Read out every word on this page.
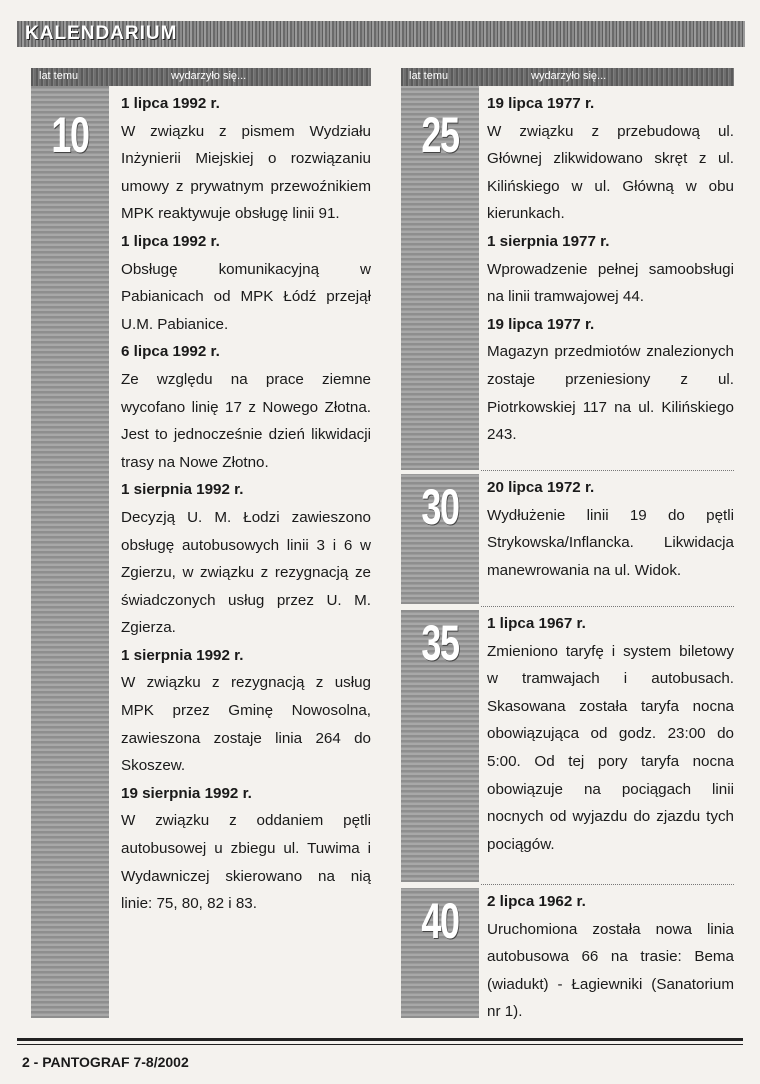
KALENDARIUM
lat temu	wydarzyło się...
10
1 lipca 1992 r.
W związku z pismem Wydziału Inżynierii Miejskiej o rozwiązaniu umowy z prywatnym przewoźnikiem MPK reaktywuje obsługę linii 91.
1 lipca 1992 r.
Obsługę komunikacyjną w Pabianicach od MPK Łódź przejął U.M. Pabianice.
6 lipca 1992 r.
Ze względu na prace ziemne wycofano linię 17 z Nowego Złotna. Jest to jednocześnie dzień likwidacji trasy na Nowe Złotno.
1 sierpnia 1992 r.
Decyzją U. M. Łodzi zawieszono obsługę autobusowych linii 3 i 6 w Zgierzu, w związku z rezygnacją ze świadczonych usług przez U. M. Zgierza.
1 sierpnia 1992 r.
W związku z rezygnacją z usług MPK przez Gminę Nowosolna, zawieszona zostaje linia 264 do Skoszew.
19 sierpnia 1992 r.
W związku z oddaniem pętli autobusowej u zbiegu ul. Tuwima i Wydawniczej skierowano na nią linie: 75, 80, 82 i 83.
lat temu	wydarzyło się...
25
19 lipca 1977 r.
W związku z przebudową ul. Głównej zlikwidowano skręt z ul. Kilińskiego w ul. Główną w obu kierunkach.
1 sierpnia 1977 r.
Wprowadzenie pełnej samoobsługi na linii tramwajowej 44.
19 lipca 1977 r.
Magazyn przedmiotów znalezionych zostaje przeniesiony z ul. Piotrkowskiej 117 na ul. Kilińskiego 243.
30	20 lipca 1972 r.
Wydłużenie linii 19 do pętli Strykowska/Inflancka. Likwidacja manewrowania na ul. Widok.
35	1 lipca 1967 r.
Zmieniono taryfę i system biletowy w tramwajach i autobusach. Skasowana została taryfa nocna obowiązująca od godz. 23:00 do 5:00. Od tej pory taryfa nocna obowiązuje na pociągach linii nocnych od wyjazdu do zjazdu tych pociągów.
40	2 lipca 1962 r.
Uruchomiona została nowa linia autobusowa 66 na trasie: Bema (wiadukt) - Łagiewniki (Sanatorium nr 1).
2 - PANTOGRAF 7-8/2002
